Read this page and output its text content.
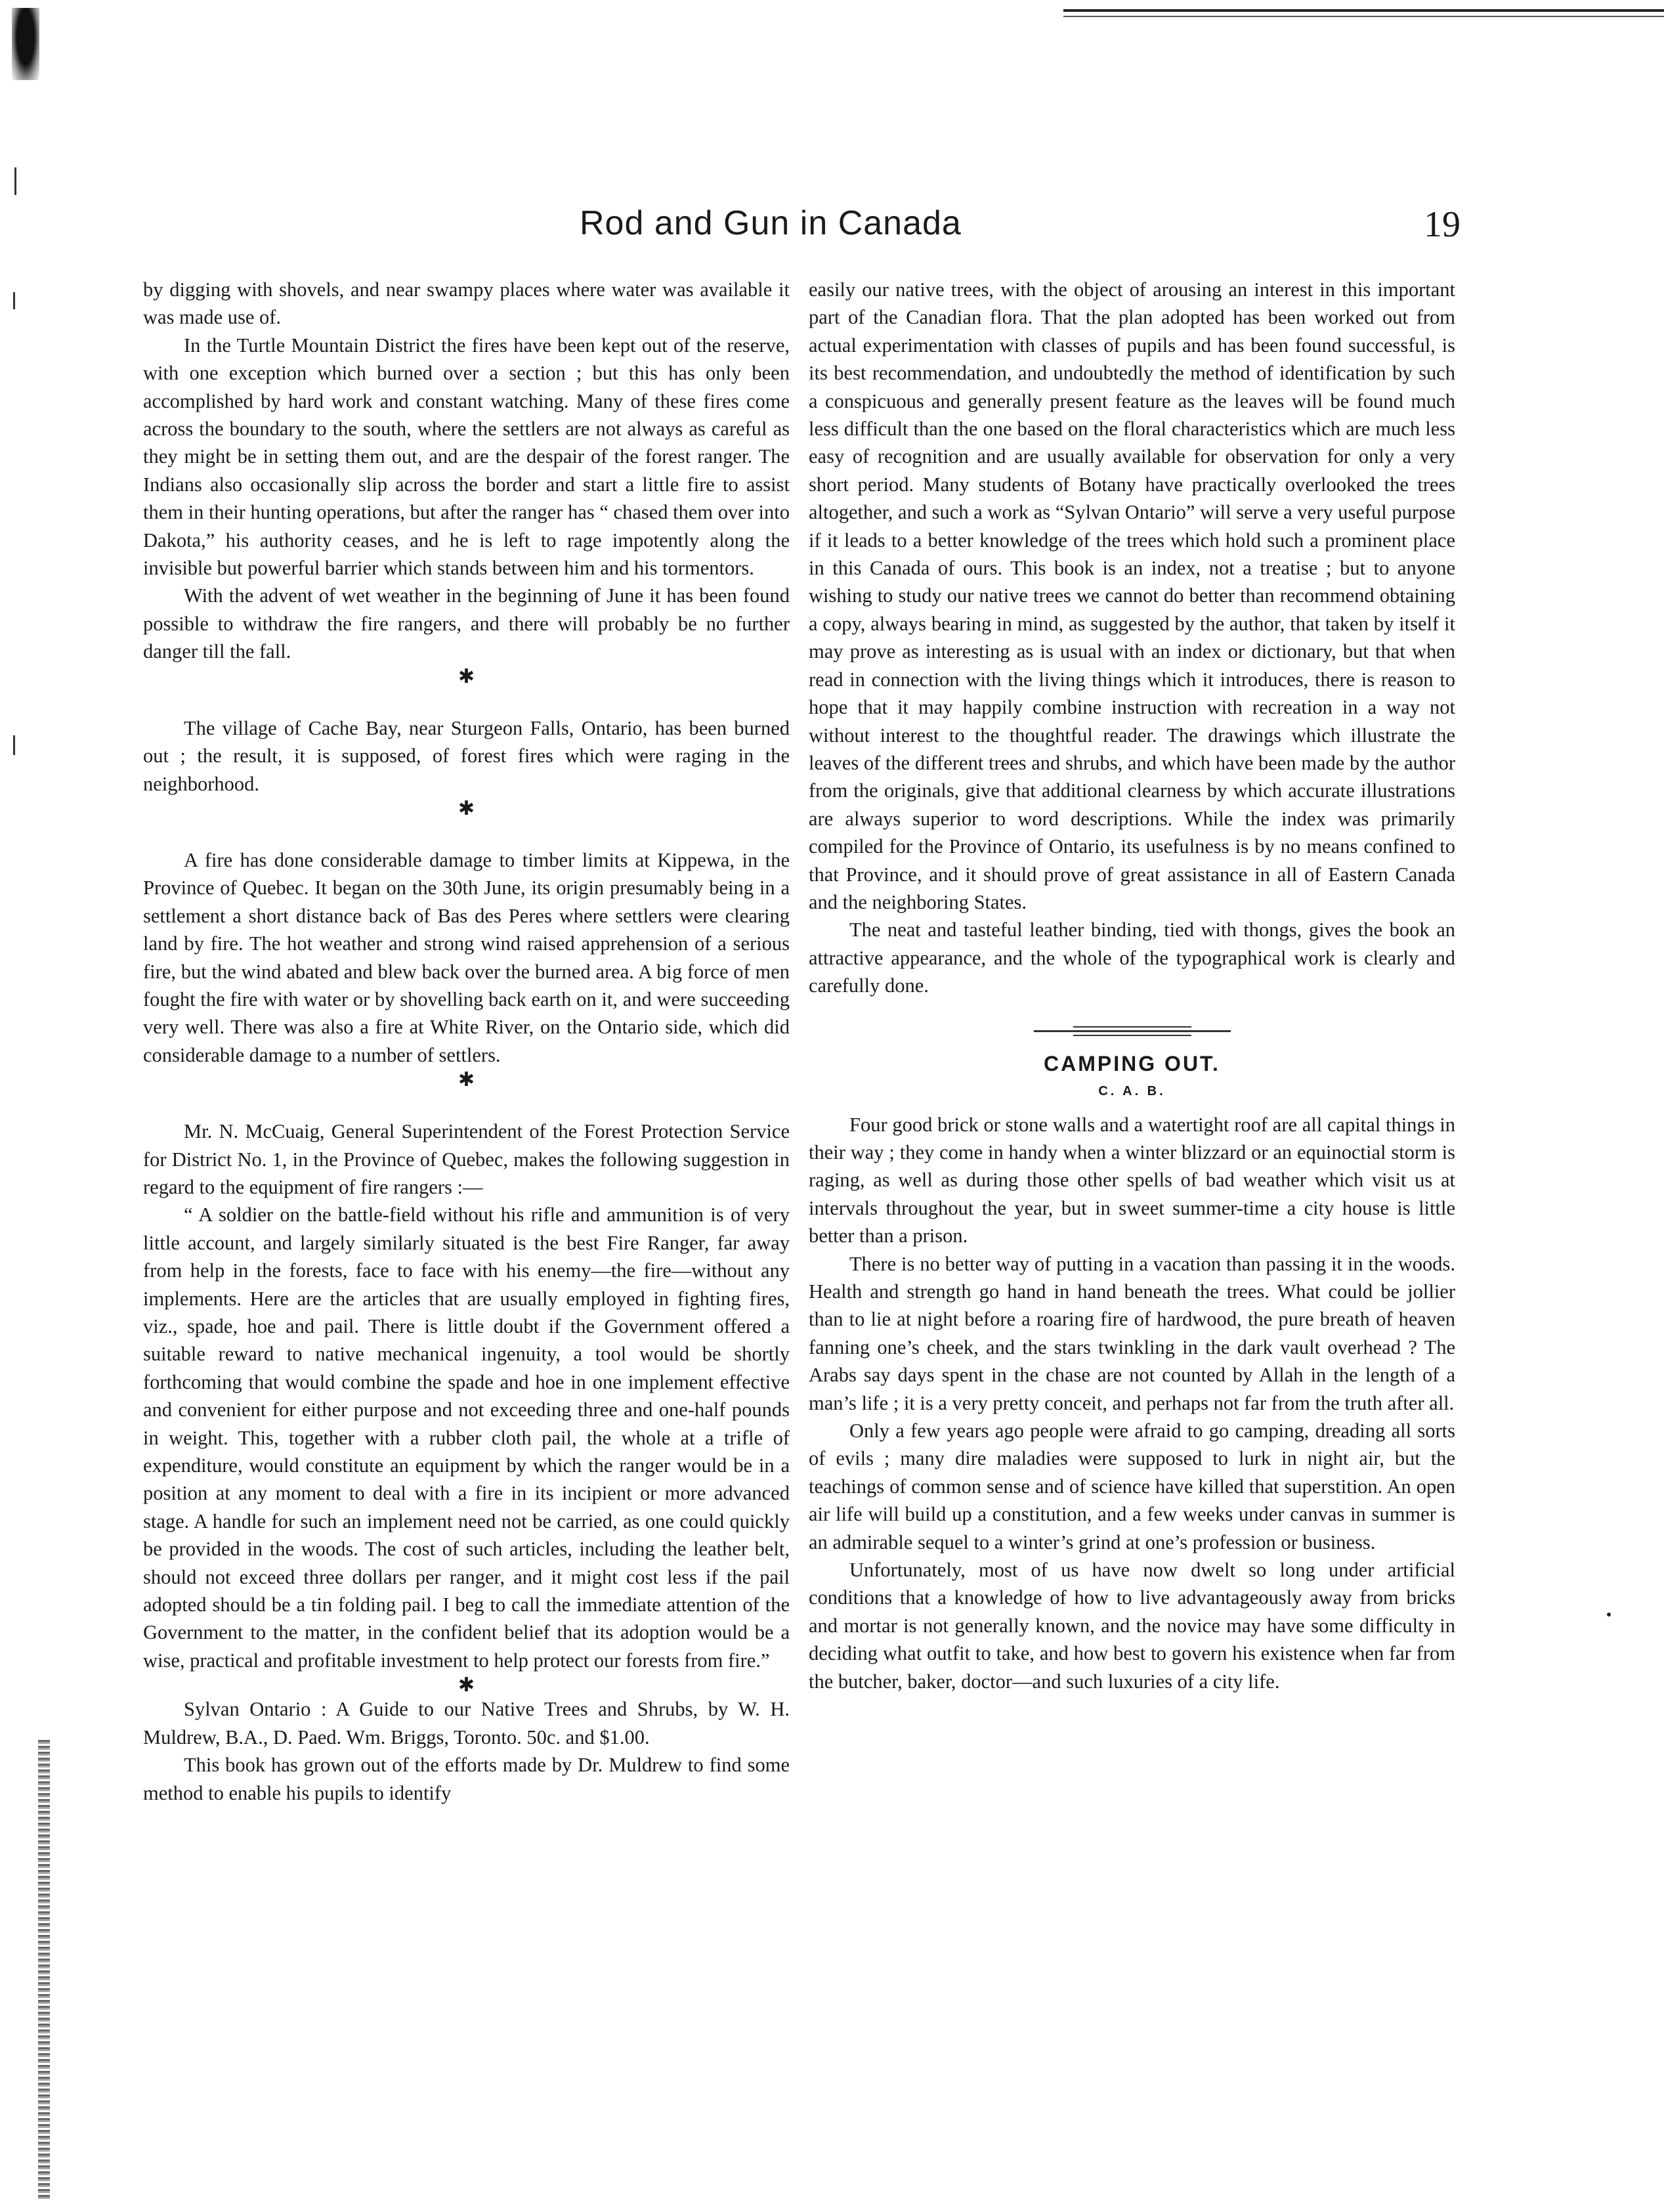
Rod and Gun in Canada	19

by digging with shovels, and near swampy places where water was available it was made use of.

In the Turtle Mountain District the fires have been kept out of the reserve, with one exception which burned over a section ; but this has only been accomplished by hard work and constant watching. Many of these fires come across the boundary to the south, where the settlers are not always as careful as they might be in setting them out, and are the despair of the forest ranger. The Indians also occasionally slip across the border and start a little fire to assist them in their hunting operations, but after the ranger has “ chased them over into Dakota,” his authority ceases, and he is left to rage impotently along the invisible but powerful barrier which stands between him and his tormentors.

With the advent of wet weather in the beginning of June it has been found possible to withdraw the fire rangers, and there will probably be no further danger till the fall.

✱

The village of Cache Bay, near Sturgeon Falls, Ontario, has been burned out ; the result, it is supposed, of forest fires which were raging in the neighborhood.

✱

A fire has done considerable damage to timber limits at Kippewa, in the Province of Quebec. It began on the 30th June, its origin presumably being in a settlement a short distance back of Bas des Peres where settlers were clearing land by fire. The hot weather and strong wind raised apprehension of a serious fire, but the wind abated and blew back over the burned area. A big force of men fought the fire with water or by shovelling back earth on it, and were succeeding very well. There was also a fire at White River, on the Ontario side, which did considerable damage to a number of settlers.

✱

Mr. N. McCuaig, General Superintendent of the Forest Protection Service for District No. 1, in the Province of Quebec, makes the following suggestion in regard to the equipment of fire rangers :—

“ A soldier on the battle-field without his rifle and ammunition is of very little account, and largely similarly situated is the best Fire Ranger, far away from help in the forests, face to face with his enemy—the fire—without any implements. Here are the articles that are usually employed in fighting fires, viz., spade, hoe and pail. There is little doubt if the Government offered a suitable reward to native mechanical ingenuity, a tool would be shortly forthcoming that would combine the spade and hoe in one implement effective and convenient for either purpose and not exceeding three and one-half pounds in weight. This, together with a rubber cloth pail, the whole at a trifle of expenditure, would constitute an equipment by which the ranger would be in a position at any moment to deal with a fire in its incipient or more advanced stage. A handle for such an implement need not be carried, as one could quickly be provided in the woods. The cost of such articles, including the leather belt, should not exceed three dollars per ranger, and it might cost less if the pail adopted should be a tin folding pail. I beg to call the immediate attention of the Government to the matter, in the confident belief that its adoption would be a wise, practical and profitable investment to help protect our forests from fire.”

✱

Sylvan Ontario : A Guide to our Native Trees and Shrubs, by W. H. Muldrew, B.A., D. Paed. Wm. Briggs, Toronto. 50c. and $1.00.

This book has grown out of the efforts made by Dr. Muldrew to find some method to enable his pupils to identify

easily our native trees, with the object of arousing an interest in this important part of the Canadian flora. That the plan adopted has been worked out from actual experimentation with classes of pupils and has been found successful, is its best recommendation, and undoubtedly the method of identification by such a conspicuous and generally present feature as the leaves will be found much less difficult than the one based on the floral characteristics which are much less easy of recognition and are usually available for observation for only a very short period. Many students of Botany have practically overlooked the trees altogether, and such a work as “Sylvan Ontario” will serve a very useful purpose if it leads to a better knowledge of the trees which hold such a prominent place in this Canada of ours. This book is an index, not a treatise ; but to anyone wishing to study our native trees we cannot do better than recommend obtaining a copy, always bearing in mind, as suggested by the author, that taken by itself it may prove as interesting as is usual with an index or dictionary, but that when read in connection with the living things which it introduces, there is reason to hope that it may happily combine instruction with recreation in a way not without interest to the thoughtful reader. The drawings which illustrate the leaves of the different trees and shrubs, and which have been made by the author from the originals, give that additional clearness by which accurate illustrations are always superior to word descriptions. While the index was primarily compiled for the Province of Ontario, its usefulness is by no means confined to that Province, and it should prove of great assistance in all of Eastern Canada and the neighboring States.

The neat and tasteful leather binding, tied with thongs, gives the book an attractive appearance, and the whole of the typographical work is clearly and carefully done.

CAMPING OUT.
C. A. B.

Four good brick or stone walls and a watertight roof are all capital things in their way ; they come in handy when a winter blizzard or an equinoctial storm is raging, as well as during those other spells of bad weather which visit us at intervals throughout the year, but in sweet summer-time a city house is little better than a prison.

There is no better way of putting in a vacation than passing it in the woods. Health and strength go hand in hand beneath the trees. What could be jollier than to lie at night before a roaring fire of hardwood, the pure breath of heaven fanning one’s cheek, and the stars twinkling in the dark vault overhead ? The Arabs say days spent in the chase are not counted by Allah in the length of a man’s life ; it is a very pretty conceit, and perhaps not far from the truth after all.

Only a few years ago people were afraid to go camping, dreading all sorts of evils ; many dire maladies were supposed to lurk in night air, but the teachings of common sense and of science have killed that superstition. An open air life will build up a constitution, and a few weeks under canvas in summer is an admirable sequel to a winter’s grind at one’s profession or business.

Unfortunately, most of us have now dwelt so long under artificial conditions that a knowledge of how to live advantageously away from bricks and mortar is not generally known, and the novice may have some difficulty in deciding what outfit to take, and how best to govern his existence when far from the butcher, baker, doctor—and such luxuries of a city life.
